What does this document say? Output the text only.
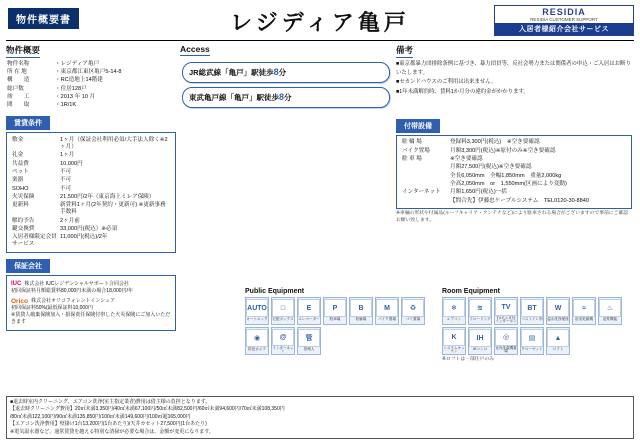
物件概要書	レジディア亀戸	RESIDIA
RESIDIA CUSTOMER SUPPORT
入居者様紹介会社サービス
物件概要
物件名称	・レジディア亀戸
所 在 地	・東京都江東区亀戸5-14-8
構　　造	・RC造地上14階建
総戸数	・住居128戸
竣　　工	・2013 年 10 月
間　　取	・1R/1K
賃貸条件
敷金	1ヶ月（保証会社利用必須/大手法人除く※2ヶ月）
礼金	1ヶ月
共益費	10,000円
ペット	不可
楽器	不可
SOHO	不可
火災保険	21,500円/2年（東京海上ミレア保険）
更新料	新賃料1ヶ月(2年契約・更新可) ※更新事務手数料
解約予告	2ヶ月前
鍵交換費	33,000円(税込）※必須
入居者様限定会員サービス	11,000円(税込)/2年
保証会社
IUC 株式会社 IUCレジデンシャルサポート合同会社
初回保証料月額総賃料80,000円未満の場合18,000円/年
Orico 株式会社オリコフォレントインシュア
初回保証料50%(最低保証料10,000円
※賃貸人破棄保険加入・損保責任保険付帯した火災保険にご加入いただきます
Access
JR総武線「亀戸」駅徒歩8分
東武亀戸線「亀戸」駅徒歩8分
備考
■東京都暴力団排除条例に基づき、暴力団員等、反社会勢力または関係者の申込・ご入居はお断りいたします。
■セカンドハウスのご利用は出来ません。
■1年未満解約時、賃料1か月分の違約金がかかります。
付帯設備
駐 輪 場	登録料3,300円(税込)　※空き要確認
バイク置場	月額3,300円(税込)※原付のみ※空き要確認
駐 車 場	※空き要確認
	月額27,500円(税込)※空き要確認
	全長6,050mm　全幅1,850mm　重量2,000kg
	全高2,050mm　or　1,550mm(区画により変動)
インターネット	月額1,650円(税込)一括
	【問合先】伊藤忠ケーブルシステム　TEL0120-30-8840
※車輛の形状や付属品(ルーフキャリア・アンテナなど)により駐車される場合がございますので事前にご確認お願い致します。
Public Equipment
AUTO
オートロック
□
宅配ボックス
E
エレベーター
P
駐車場
B
駐輪場
M
バイク置場
♻
ゴミ置場
◉
防犯カメラ
@
インターネット
管
管理人
Room Equipment
❄
エアコン
≋
フローリング
TV
TVモニタ付インターホン
BT
バストイレ別
W
温水洗浄便座
≈
浴室乾燥機
♨
追焚機能
K
システムキッチン
IH
IHコンロ
◎
室内洗濯機置場
▤
クローゼット
▲
ロフト
※ロフトは一部住戸のみ
■退去時室内クリーニング、エアコン洗浄(室主指定業者)費用は借主様の負担となります。
【退去時クリーニング費用】20㎡未満3,350円/40㎡未満67,100円/50㎡未満82,500円/60㎡未満94,600円/70㎡未満108,350円
/80㎡未満122,100円/90㎡未満135,850円/100㎡未満149,600円/100㎡超165,000円
【エアコン洗浄費用】壁掛け1台13,200円(1台あたり)/天井カセット27,500円(1台あたり)
※電気温水器など、通常賃貸を越える特別な清掃が必要な場合は、金額が変更になります。
